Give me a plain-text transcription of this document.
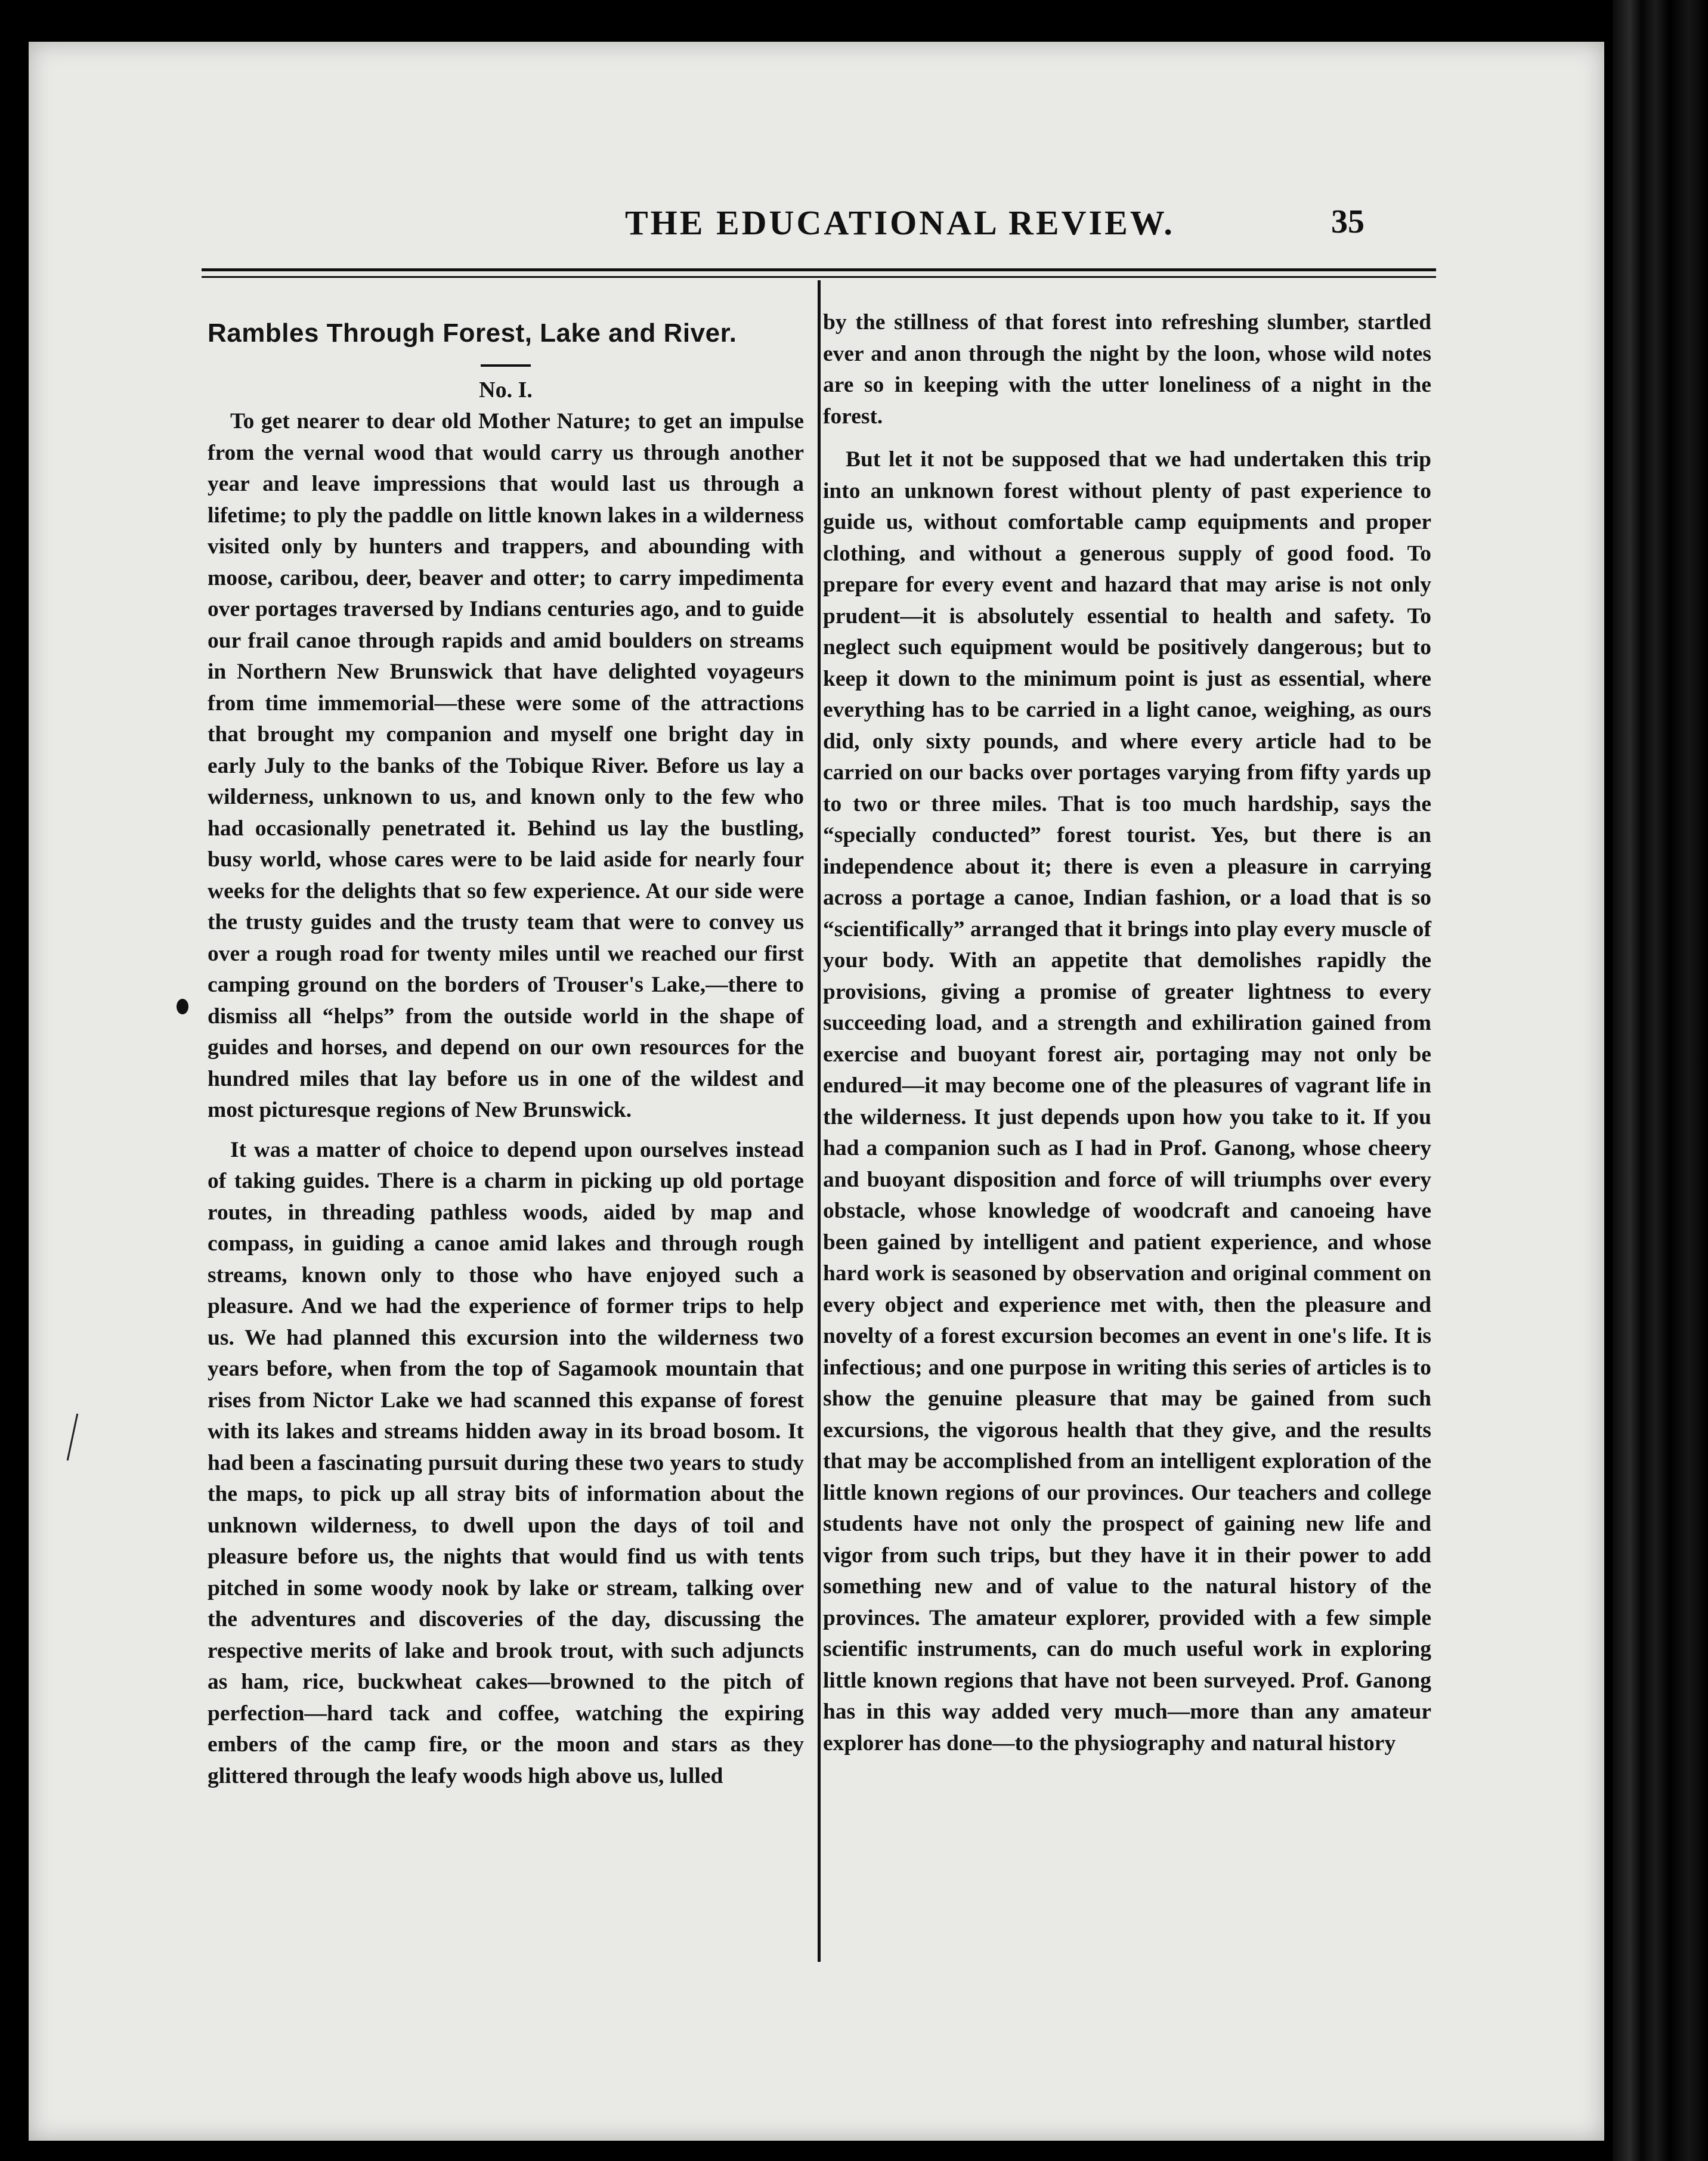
THE EDUCATIONAL REVIEW.	35
Rambles Through Forest, Lake and River.
No. I.

To get nearer to dear old Mother Nature; to get an impulse from the vernal wood that would carry us through another year and leave impressions that would last us through a lifetime; to ply the paddle on little known lakes in a wilderness visited only by hunters and trappers, and abounding with moose, caribou, deer, beaver and otter; to carry impedimenta over portages traversed by Indians centuries ago, and to guide our frail canoe through rapids and amid boulders on streams in Northern New Brunswick that have delighted voyageurs from time immemorial—these were some of the attractions that brought my companion and myself one bright day in early July to the banks of the Tobique River. Before us lay a wilderness, unknown to us, and known only to the few who had occasionally penetrated it. Behind us lay the bustling, busy world, whose cares were to be laid aside for nearly four weeks for the delights that so few experience. At our side were the trusty guides and the trusty team that were to convey us over a rough road for twenty miles until we reached our first camping ground on the borders of Trouser's Lake,—there to dismiss all “helps” from the outside world in the shape of guides and horses, and depend on our own resources for the hundred miles that lay before us in one of the wildest and most picturesque regions of New Brunswick.

It was a matter of choice to depend upon ourselves instead of taking guides. There is a charm in picking up old portage routes, in threading pathless woods, aided by map and compass, in guiding a canoe amid lakes and through rough streams, known only to those who have enjoyed such a pleasure. And we had the experience of former trips to help us. We had planned this excursion into the wilderness two years before, when from the top of Sagamook mountain that rises from Nictor Lake we had scanned this expanse of forest with its lakes and streams hidden away in its broad bosom. It had been a fascinating pursuit during these two years to study the maps, to pick up all stray bits of information about the unknown wilderness, to dwell upon the days of toil and pleasure before us, the nights that would find us with tents pitched in some woody nook by lake or stream, talking over the adventures and discoveries of the day, discussing the respective merits of lake and brook trout, with such adjuncts as ham, rice, buckwheat cakes—browned to the pitch of perfection—hard tack and coffee, watching the expiring embers of the camp fire, or the moon and stars as they glittered through the leafy woods high above us, lulled

by the stillness of that forest into refreshing slumber, startled ever and anon through the night by the loon, whose wild notes are so in keeping with the utter loneliness of a night in the forest.

But let it not be supposed that we had undertaken this trip into an unknown forest without plenty of past experience to guide us, without comfortable camp equipments and proper clothing, and without a generous supply of good food. To prepare for every event and hazard that may arise is not only prudent—it is absolutely essential to health and safety. To neglect such equipment would be positively dangerous; but to keep it down to the minimum point is just as essential, where everything has to be carried in a light canoe, weighing, as ours did, only sixty pounds, and where every article had to be carried on our backs over portages varying from fifty yards up to two or three miles. That is too much hardship, says the “specially conducted” forest tourist. Yes, but there is an independence about it; there is even a pleasure in carrying across a portage a canoe, Indian fashion, or a load that is so “scientifically” arranged that it brings into play every muscle of your body. With an appetite that demolishes rapidly the provisions, giving a promise of greater lightness to every succeeding load, and a strength and exhiliration gained from exercise and buoyant forest air, portaging may not only be endured—it may become one of the pleasures of vagrant life in the wilderness. It just depends upon how you take to it. If you had a companion such as I had in Prof. Ganong, whose cheery and buoyant disposition and force of will triumphs over every obstacle, whose knowledge of woodcraft and canoeing have been gained by intelligent and patient experience, and whose hard work is seasoned by observation and original comment on every object and experience met with, then the pleasure and novelty of a forest excursion becomes an event in one's life. It is infectious; and one purpose in writing this series of articles is to show the genuine pleasure that may be gained from such excursions, the vigorous health that they give, and the results that may be accomplished from an intelligent exploration of the little known regions of our provinces. Our teachers and college students have not only the prospect of gaining new life and vigor from such trips, but they have it in their power to add something new and of value to the natural history of the provinces. The amateur explorer, provided with a few simple scientific instruments, can do much useful work in exploring little known regions that have not been surveyed. Prof. Ganong has in this way added very much—more than any amateur explorer has done—to the physiography and natural history
